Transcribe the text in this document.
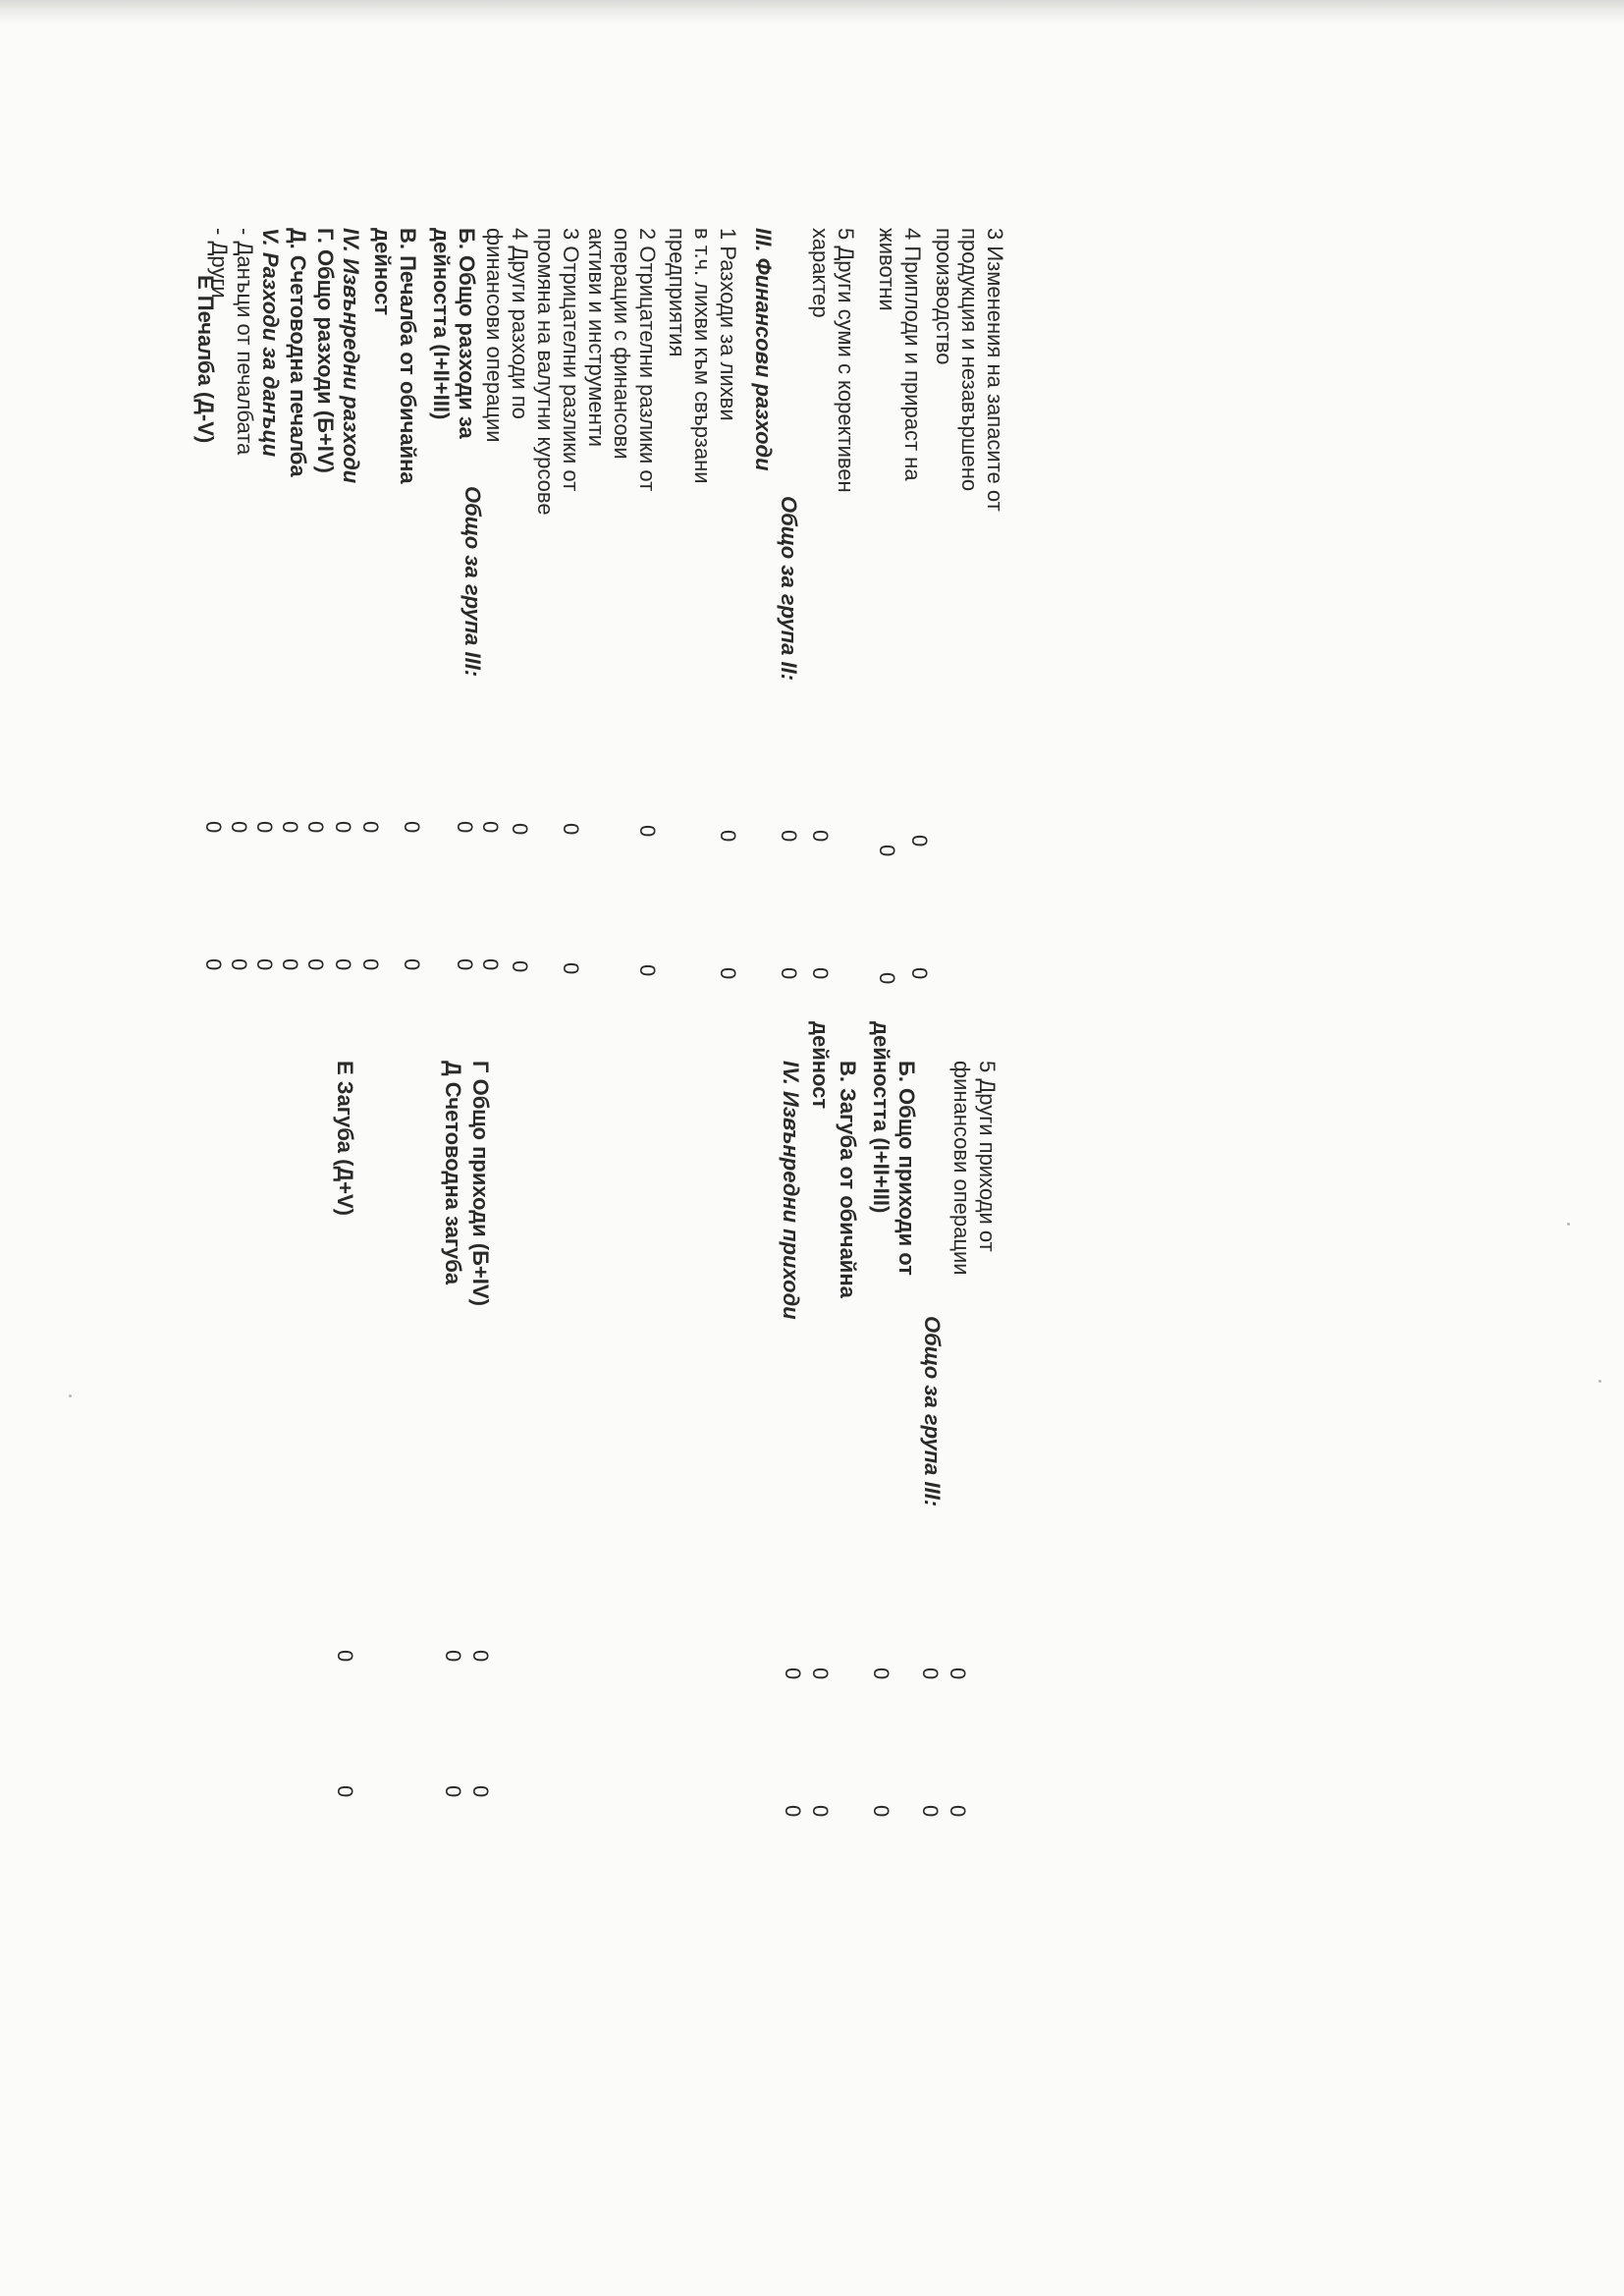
3 Изменения на запасите от
продукция и незавършено
производство
0
0
4 Приплоди и прираст на
животни
0
0
5 Други суми с коректи​вен
характер
0
0
Общо за група II:
0
0
III. Финансови разходи
1 Разходи за лихви
в т.ч. лихви към свързани
предприятия
0
0
2 Отрицателни разлики от
операции с финансови
активи и инструменти
0
0
3 Отрицателни разлики от
промяна на валутни курсове
0
0
4 Други разходи по
финансови операции
0
0
Общо за група III:
0
0
Б. Общо разходи за
дейността (I+II+III)
0
0
В. Печалба от обичайна
дейност
0
0
IV. Извънредни разходи
0
0
Г. Общо разходи (Б+IV)
0
0
Д. Счетоводна печалба
0
0
V. Разходи за данъци
0
0
- Данъци от печалбата
0
0
- Други
0
0
Е Печалба (Д-V)
0
0
5 Други приходи от
финансови операции
0
0
Общо за група III:
0
0
Б. Общо приходи от
дейността (I+II+III)
0
0
В. Загуба от обичайна
дейност
0
0
IV. Извънредни приходи
0
0
Г Общо приходи (Б+IV)
0
0
Д Счетоводна загуба
0
0
Е Загуба (Д+V)
0
0
